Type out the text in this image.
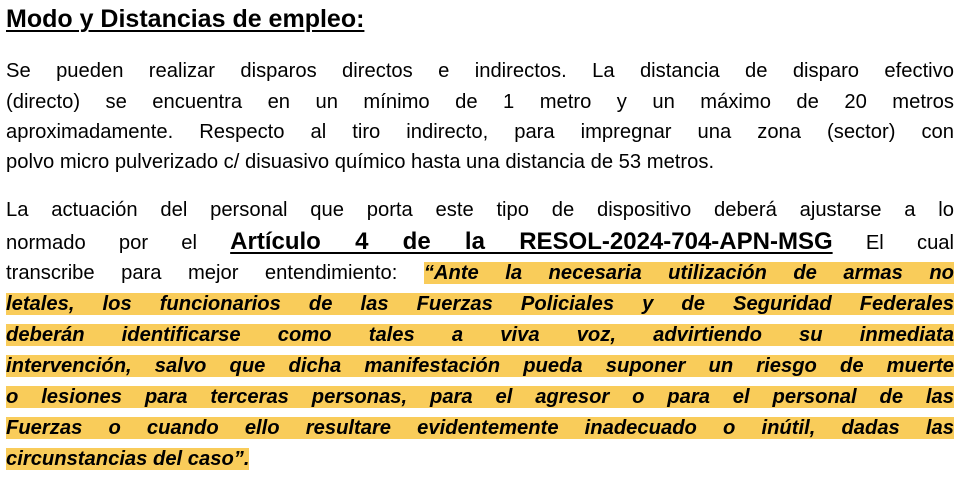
Modo y Distancias de empleo:
Se pueden realizar disparos directos e indirectos. La distancia de disparo efectivo
(directo) se encuentra en un mínimo de 1 metro y un máximo de 20 metros
aproximadamente. Respecto al tiro indirecto, para impregnar una zona (sector) con
polvo micro pulverizado c/ disuasivo químico hasta una distancia de 53 metros.
La actuación del personal que porta este tipo de dispositivo deberá ajustarse a lo
normado por el Artículo 4 de la RESOL-2024-704-APN-MSG El cual
transcribe para mejor entendimiento: “Ante la necesaria utilización de armas no
letales, los funcionarios de las Fuerzas Policiales y de Seguridad Federales
deberán identificarse como tales a viva voz, advirtiendo su inmediata
intervención, salvo que dicha manifestación pueda suponer un riesgo de muerte
o lesiones para terceras personas, para el agresor o para el personal de las
Fuerzas o cuando ello resultare evidentemente inadecuado o inútil, dadas las
circunstancias del caso”.
